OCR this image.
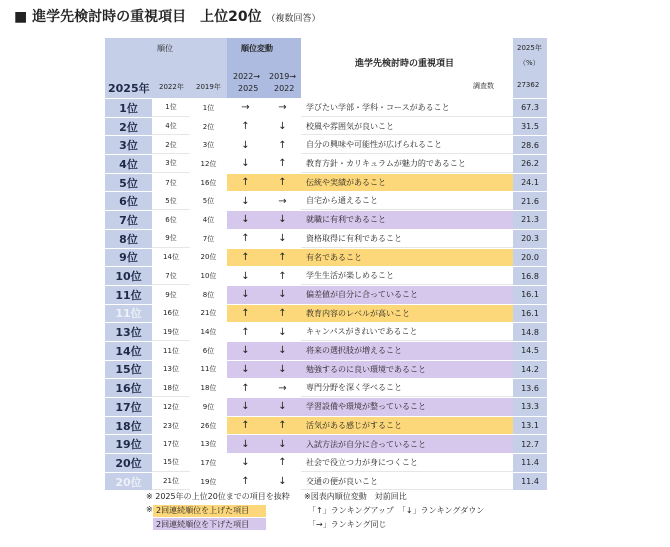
■ 進学先検討時の重視項目　上位20位 （複数回答）
順位
2025年 2022年 2019年
順位変動
2022→
2025
2019→
2022
進学先検討時の重視項目
調査数
2025年
（%）
27362
1位	1位	1位	→	→	学びたい学部・学科・コースがあること	67.3
2位	4位	2位	↑	↓	校風や雰囲気が良いこと	31.5
3位	2位	3位	↓	↑	自分の興味や可能性が広げられること	28.6
4位	3位	12位	↓	↑	教育方針・カリキュラムが魅力的であること	26.2
5位	7位	16位	↑	↑	伝統や実績があること	24.1
6位	5位	5位	↓	→	自宅から通えること	21.6
7位	6位	4位	↓	↓	就職に有利であること	21.3
8位	9位	7位	↑	↓	資格取得に有利であること	20.3
9位	14位	20位	↑	↑	有名であること	20.0
10位	7位	10位	↓	↑	学生生活が楽しめること	16.8
11位	9位	8位	↓	↓	偏差値が自分に合っていること	16.1
11位	16位	21位	↑	↑	教育内容のレベルが高いこと	16.1
13位	19位	14位	↑	↓	キャンパスがきれいであること	14.8
14位	11位	6位	↓	↓	将来の選択肢が増えること	14.5
15位	13位	11位	↓	↓	勉強するのに良い環境であること	14.2
16位	18位	18位	↑	→	専門分野を深く学べること	13.6
17位	12位	9位	↓	↓	学習設備や環境が整っていること	13.3
18位	23位	26位	↑	↑	活気がある感じがすること	13.1
19位	17位	13位	↓	↓	入試方法が自分に合っていること	12.7
20位	15位	17位	↓	↑	社会で役立つ力が身につくこと	11.4
20位	21位	19位	↑	↓	交通の便が良いこと	11.4
※ 2025年の上位20位までの項目を抜粋 ※図表内順位変動　対前回比
※ 2回連続順位を上げた項目	「↑」ランキングアップ　「↓」ランキングダウン
2回連続順位を下げた項目	「→」ランキング同じ
